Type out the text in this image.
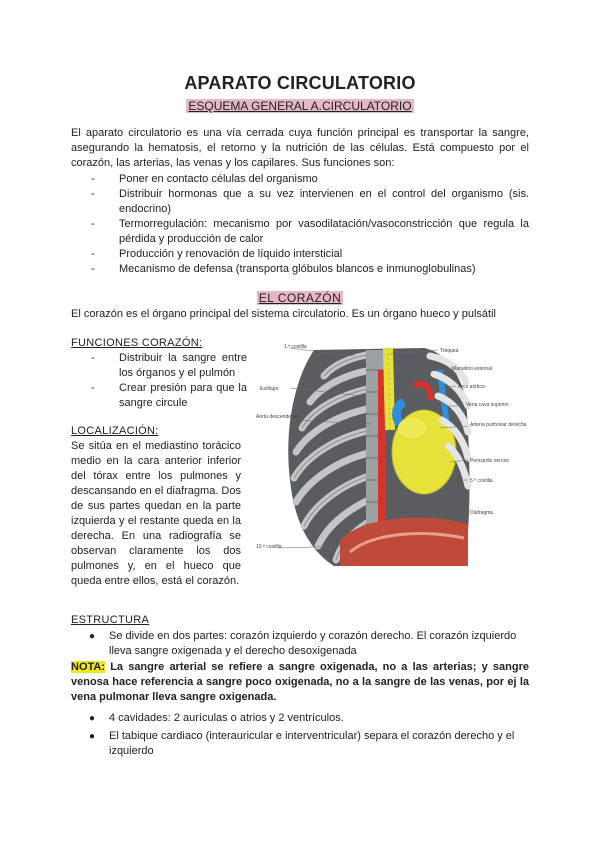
APARATO CIRCULATORIO
ESQUEMA GENERAL A.CIRCULATORIO
El aparato circulatorio es una vía cerrada cuya función principal es transportar la sangre, asegurando la hematosis, el retorno y la nutrición de las células. Está compuesto por el corazón, las arterias, las venas y los capilares. Sus funciones son:
- Poner en contacto células del organismo
- Distribuir hormonas que a su vez intervienen en el control del organismo (sis. endocrino)
- Termorregulación: mecanismo por vasodilatación/vasoconstricción que regula la pérdida y producción de calor
- Producción y renovación de líquido intersticial
- Mecanismo de defensa (transporta glóbulos blancos e inmunoglobulinas)
EL CORAZÓN
El corazón es el órgano principal del sistema circulatorio. Es un órgano hueco y pulsátil
FUNCIONES CORAZÓN:
- Distribuir la sangre entre los órganos y el pulmón
- Crear presión para que la sangre circule
LOCALIZACIÓN:
Se sitúa en el mediastino torácico medio en la cara anterior inferior del tórax entre los pulmones y descansando en el diafragma. Dos de sus partes quedan en la parte izquierda y el restante queda en la derecha. En una radiografía se observan claramente los dos pulmones y, en el hueco que queda entre ellos, está el corazón.
1.ª costilla
Esófago
Aorta descendente
10.ª costilla
Tráquea
Manubrio esternal
Arco aórtico
Vena cava superior
Arteria pulmonar derecha
Pericardio seroso
5.ª costilla
Diafragma
ESTRUCTURA
● Se divide en dos partes: corazón izquierdo y corazón derecho. El corazón izquierdo lleva sangre oxigenada y el derecho desoxigenada
NOTA: La sangre arterial se refiere a sangre oxigenada, no a las arterias; y sangre venosa hace referencia a sangre poco oxigenada, no a la sangre de las venas, por ej la vena pulmonar lleva sangre oxigenada.
● 4 cavidades: 2 aurículas o atrios y 2 ventrículos.
● El tabique cardiaco (interauricular e interventricular) separa el corazón derecho y el izquierdo
